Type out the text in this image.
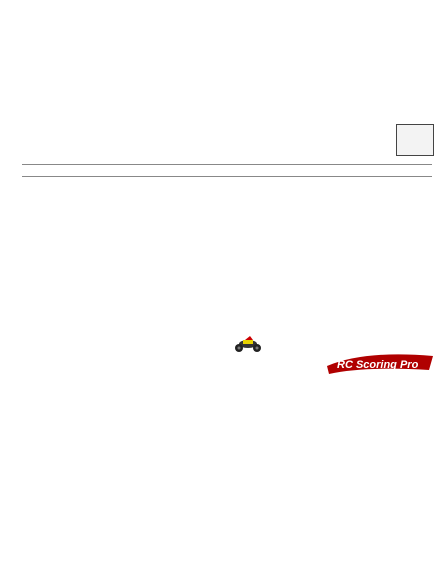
RC Scoring Pro
